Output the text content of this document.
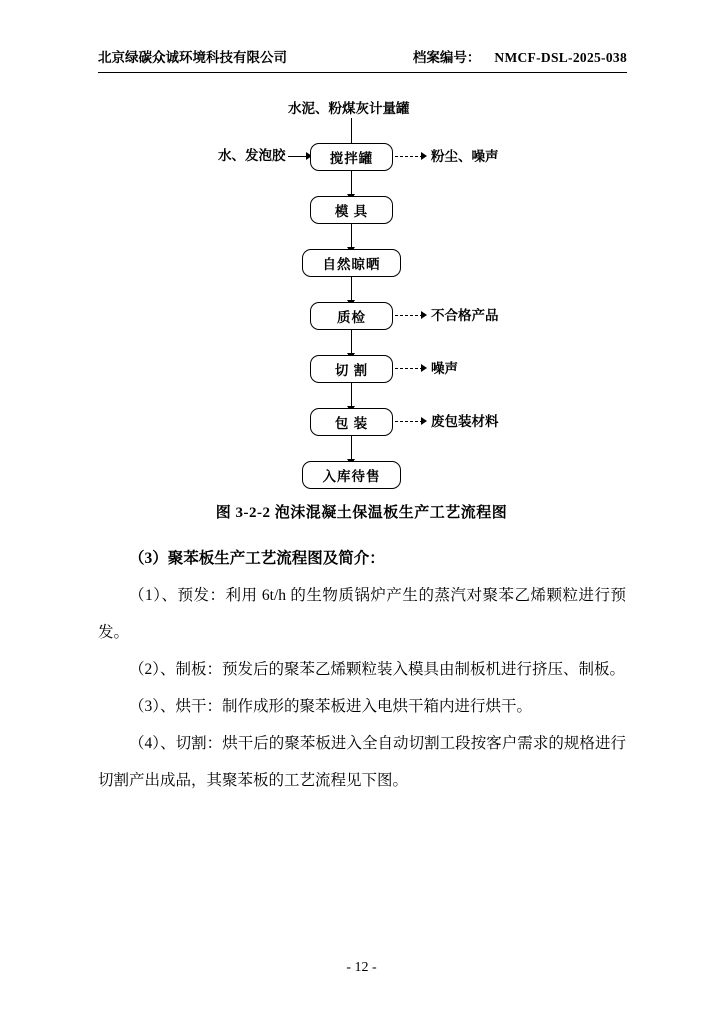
北京绿碳众诚环境科技有限公司	档案编号： NMCF-DSL-2025-038
水泥、粉煤灰计量罐
水、发泡胶	搅拌罐	粉尘、噪声
模 具
自然晾晒
质检	不合格产品
切 割	噪声
包 装	废包装材料
入库待售
图 3-2-2 泡沫混凝土保温板生产工艺流程图

（3）聚苯板生产工艺流程图及简介：

（1）、预发：利用 6t/h 的生物质锅炉产生的蒸汽对聚苯乙烯颗粒进行预发。

（2）、制板：预发后的聚苯乙烯颗粒装入模具由制板机进行挤压、制板。

（3）、烘干：制作成形的聚苯板进入电烘干箱内进行烘干。

（4）、切割：烘干后的聚苯板进入全自动切割工段按客户需求的规格进行切割产出成品，其聚苯板的工艺流程见下图。

- 12 -
